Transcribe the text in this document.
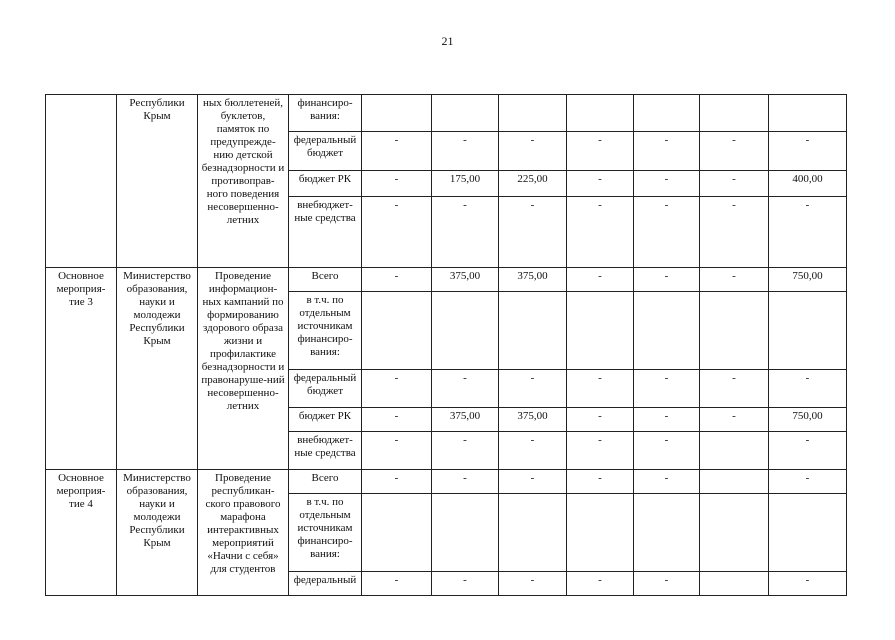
21
	Республики Крым	ных бюллетеней, буклетов, памяток по предупрежде-нию детской безнадзорности и противоправ-ного поведения несовершенно-летних	финансиро-вания:							
			федеральный бюджет	-	-	-	-	-	-	-
			бюджет РК	-	175,00	225,00	-	-	-	400,00
			внебюджет-ные средства	-	-	-	-	-	-	-
Основное мероприя-тие 3	Министерство образования, науки и молодежи Республики Крым	Проведение информацион-ных кампаний по формированию здорового образа жизни и профилактике безнадзорности и правонаруше-ний несовершенно-летних	Всего	-	375,00	375,00	-	-	-	750,00
			в т.ч. по отдельным источникам финансиро-вания:							
			федеральный бюджет	-	-	-	-	-	-	-
			бюджет РК	-	375,00	375,00	-	-	-	750,00
			внебюджет-ные средства	-	-	-	-	-		-
Основное мероприя-тие 4	Министерство образования, науки и молодежи Республики Крым	Проведение республикан-ского правового марафона интерактивных мероприятий «Начни с себя» для студентов	Всего	-	-	-	-	-		-
			в т.ч. по отдельным источникам финансиро-вания:							
			федеральный	-	-	-	-	-		-
